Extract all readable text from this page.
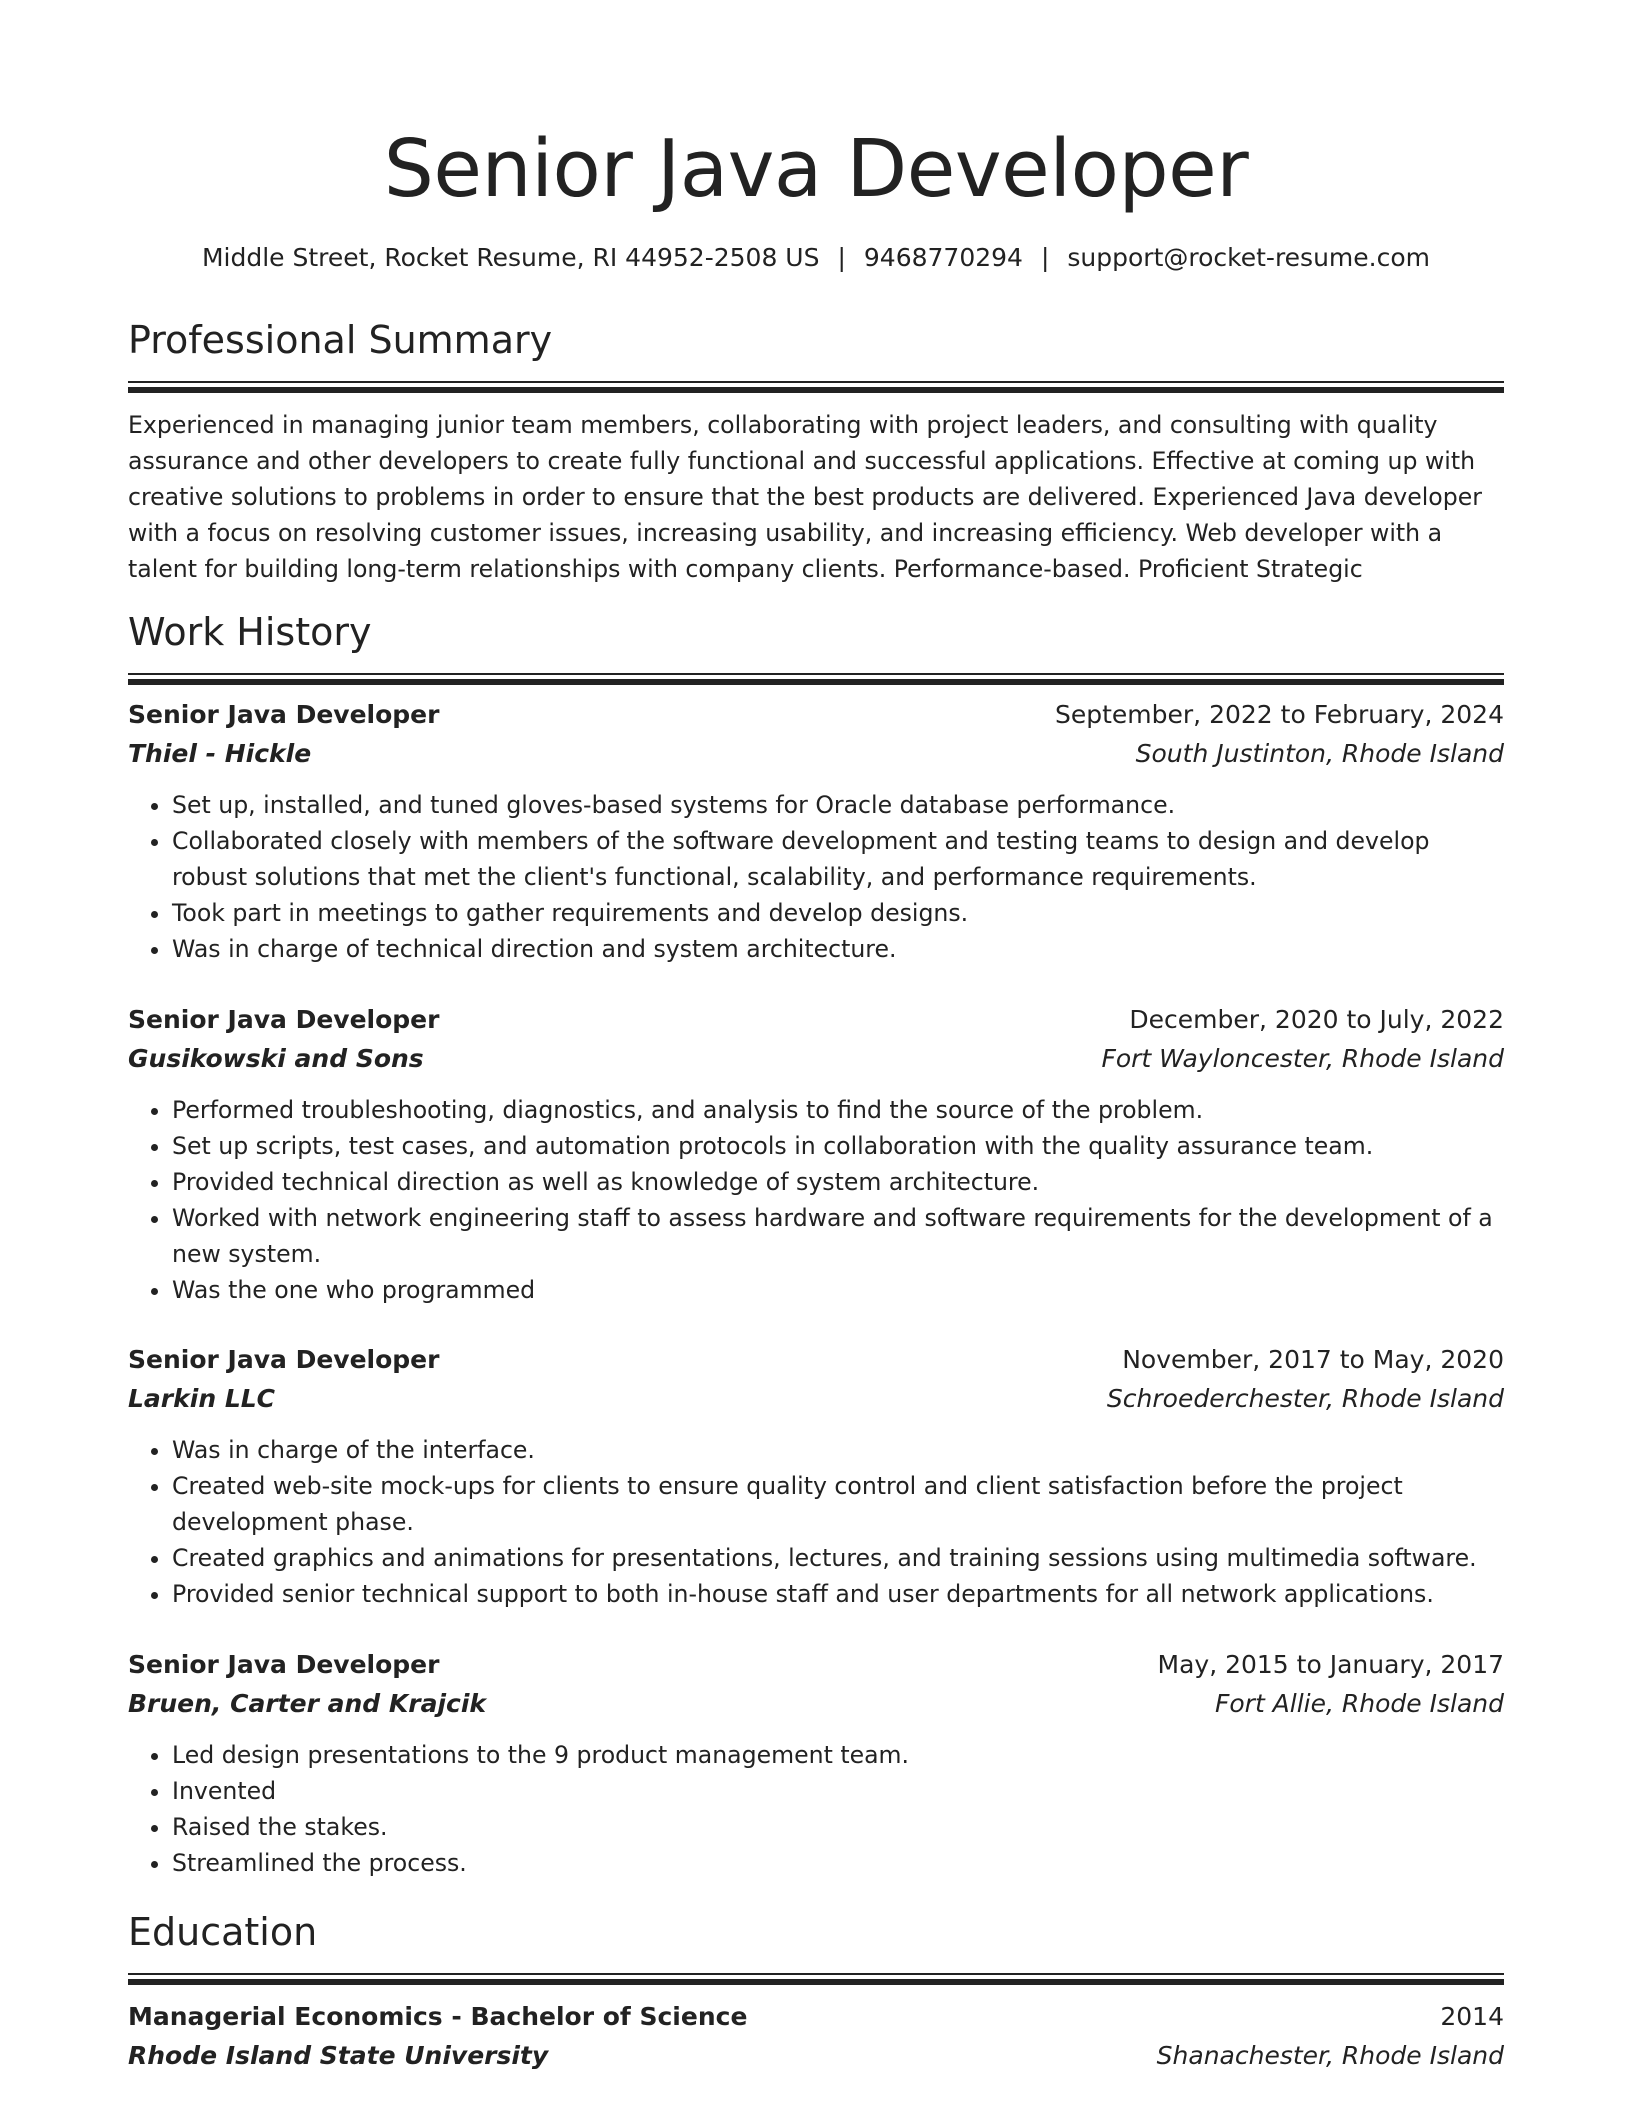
Senior Java Developer
Middle Street, Rocket Resume, RI 44952-2508 US | 9468770294 | support@rocket-resume.com
Professional Summary
Experienced in managing junior team members, collaborating with project leaders, and consulting with quality assurance and other developers to create fully functional and successful applications. Effective at coming up with creative solutions to problems in order to ensure that the best products are delivered. Experienced Java developer with a focus on resolving customer issues, increasing usability, and increasing efficiency. Web developer with a talent for building long-term relationships with company clients. Performance-based. Proficient Strategic
Work History
Senior Java Developer	September, 2022 to February, 2024
Thiel - Hickle	South Justinton, Rhode Island
• Set up, installed, and tuned gloves-based systems for Oracle database performance.
• Collaborated closely with members of the software development and testing teams to design and develop robust solutions that met the client's functional, scalability, and performance requirements.
• Took part in meetings to gather requirements and develop designs.
• Was in charge of technical direction and system architecture.
Senior Java Developer	December, 2020 to July, 2022
Gusikowski and Sons	Fort Wayloncester, Rhode Island
• Performed troubleshooting, diagnostics, and analysis to find the source of the problem.
• Set up scripts, test cases, and automation protocols in collaboration with the quality assurance team.
• Provided technical direction as well as knowledge of system architecture.
• Worked with network engineering staff to assess hardware and software requirements for the development of a new system.
• Was the one who programmed
Senior Java Developer	November, 2017 to May, 2020
Larkin LLC	Schroederchester, Rhode Island
• Was in charge of the interface.
• Created web-site mock-ups for clients to ensure quality control and client satisfaction before the project development phase.
• Created graphics and animations for presentations, lectures, and training sessions using multimedia software.
• Provided senior technical support to both in-house staff and user departments for all network applications.
Senior Java Developer	May, 2015 to January, 2017
Bruen, Carter and Krajcik	Fort Allie, Rhode Island
• Led design presentations to the 9 product management team.
• Invented
• Raised the stakes.
• Streamlined the process.
Education
Managerial Economics - Bachelor of Science	2014
Rhode Island State University	Shanachester, Rhode Island
